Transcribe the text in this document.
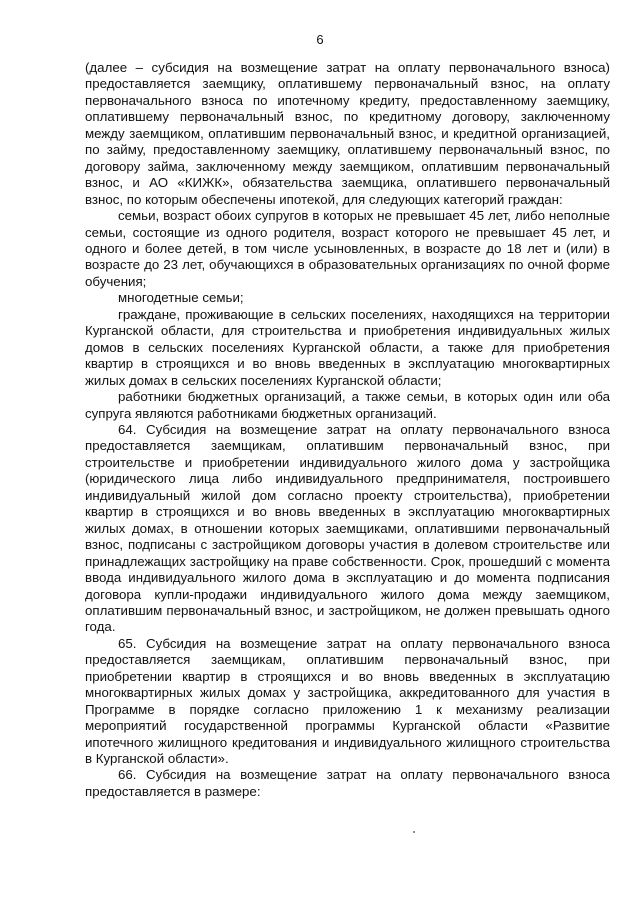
6

(далее – субсидия на возмещение затрат на оплату первоначального взноса) предоставляется заемщику, оплатившему первоначальный взнос, на оплату первоначального взноса по ипотечному кредиту, предоставленному заемщику, оплатившему первоначальный взнос, по кредитному договору, заключенному между заемщиком, оплатившим первоначальный взнос, и кредитной организацией, по займу, предоставленному заемщику, оплатившему первоначальный взнос, по договору займа, заключенному между заемщиком, оплатившим первоначальный взнос, и АО «КИЖК», обязательства заемщика, оплатившего первоначальный взнос, по которым обеспечены ипотекой, для следующих категорий граждан:

семьи, возраст обоих супругов в которых не превышает 45 лет, либо неполные семьи, состоящие из одного родителя, возраст которого не превышает 45 лет, и одного и более детей, в том числе усыновленных, в возрасте до 18 лет и (или) в возрасте до 23 лет, обучающихся в образовательных организациях по очной форме обучения;

многодетные семьи;

граждане, проживающие в сельских поселениях, находящихся на территории Курганской области, для строительства и приобретения индивидуальных жилых домов в сельских поселениях Курганской области, а также для приобретения квартир в строящихся и во вновь введенных в эксплуатацию многоквартирных жилых домах в сельских поселениях Курганской области;

работники бюджетных организаций, а также семьи, в которых один или оба супруга являются работниками бюджетных организаций.

64. Субсидия на возмещение затрат на оплату первоначального взноса предоставляется заемщикам, оплатившим первоначальный взнос, при строительстве и приобретении индивидуального жилого дома у застройщика (юридического лица либо индивидуального предпринимателя, построившего индивидуальный жилой дом согласно проекту строительства), приобретении квартир в строящихся и во вновь введенных в эксплуатацию многоквартирных жилых домах, в отношении которых заемщиками, оплатившими первоначальный взнос, подписаны с застройщиком договоры участия в долевом строительстве или принадлежащих застройщику на праве собственности. Срок, прошедший с момента ввода индивидуального жилого дома в эксплуатацию и до момента подписания договора купли-продажи индивидуального жилого дома между заемщиком, оплатившим первоначальный взнос, и застройщиком, не должен превышать одного года.

65. Субсидия на возмещение затрат на оплату первоначального взноса предоставляется заемщикам, оплатившим первоначальный взнос, при приобретении квартир в строящихся и во вновь введенных в эксплуатацию многоквартирных жилых домах у застройщика, аккредитованного для участия в Программе в порядке согласно приложению 1 к механизму реализации мероприятий государственной программы Курганской области «Развитие ипотечного жилищного кредитования и индивидуального жилищного строительства в Курганской области».

66. Субсидия на возмещение затрат на оплату первоначального взноса предоставляется в размере:
